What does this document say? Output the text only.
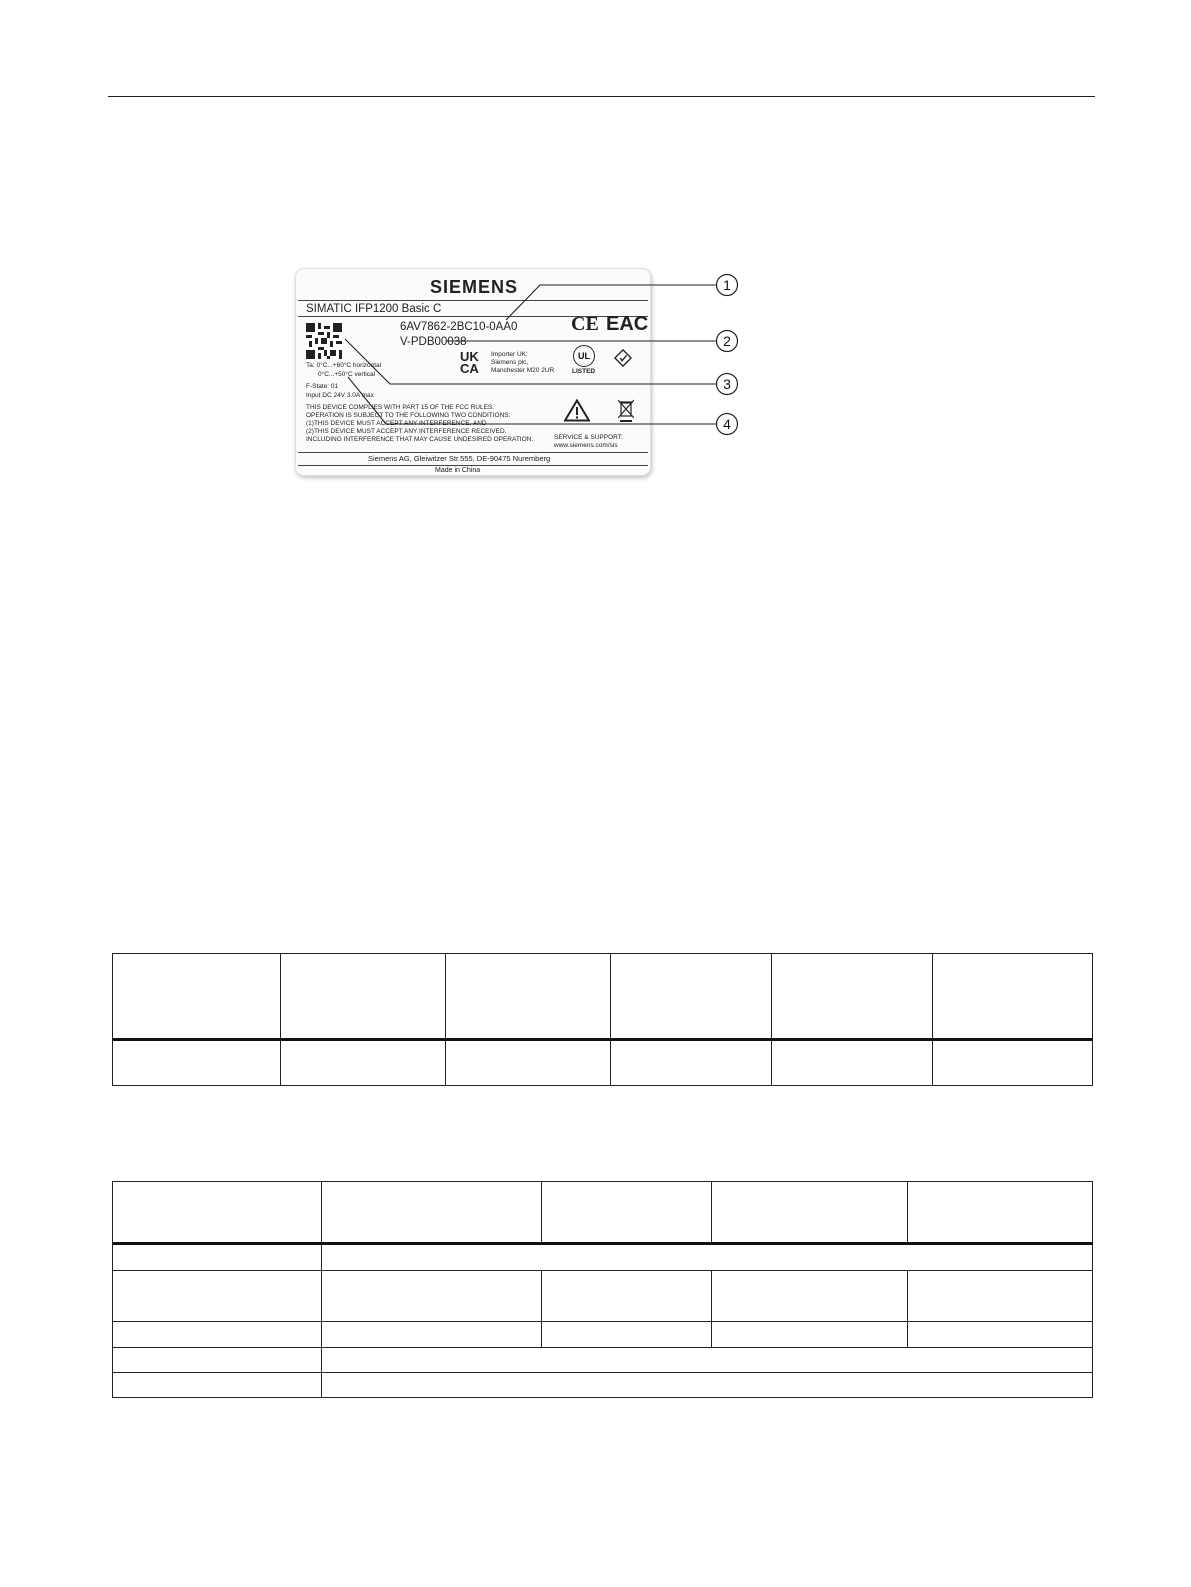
SIEMENS
SIMATIC IFP1200 Basic C
6AV7862-2BC10-0AA0
V-PDB00038
CE EAC
UK
CA
Importer UK:
Siemens plc,
Manchester M20 2UR
UL
LISTED
Ta: 0°C...+60°C horizontal
0°C...+50°C vertical
F-State: 01
Input DC 24V 3.0A max
THIS DEVICE COMPLIES WITH PART 15 OF THE FCC RULES.
OPERATION IS SUBJECT TO THE FOLLOWING TWO CONDITIONS:
(1)THIS DEVICE MUST ACCEPT ANY INTERFERENCE, AND
(2)THIS DEVICE MUST ACCEPT ANY INTERFERENCE RECEIVED,
INCLUDING INTERFERENCE THAT MAY CAUSE UNDESIRED OPERATION.	SERVICE & SUPPORT:
www.siemens.com/sis
Siemens AG, Gleiwitzer Str.555, DE-90475 Nuremberg
Made in China
1
2
3
4
